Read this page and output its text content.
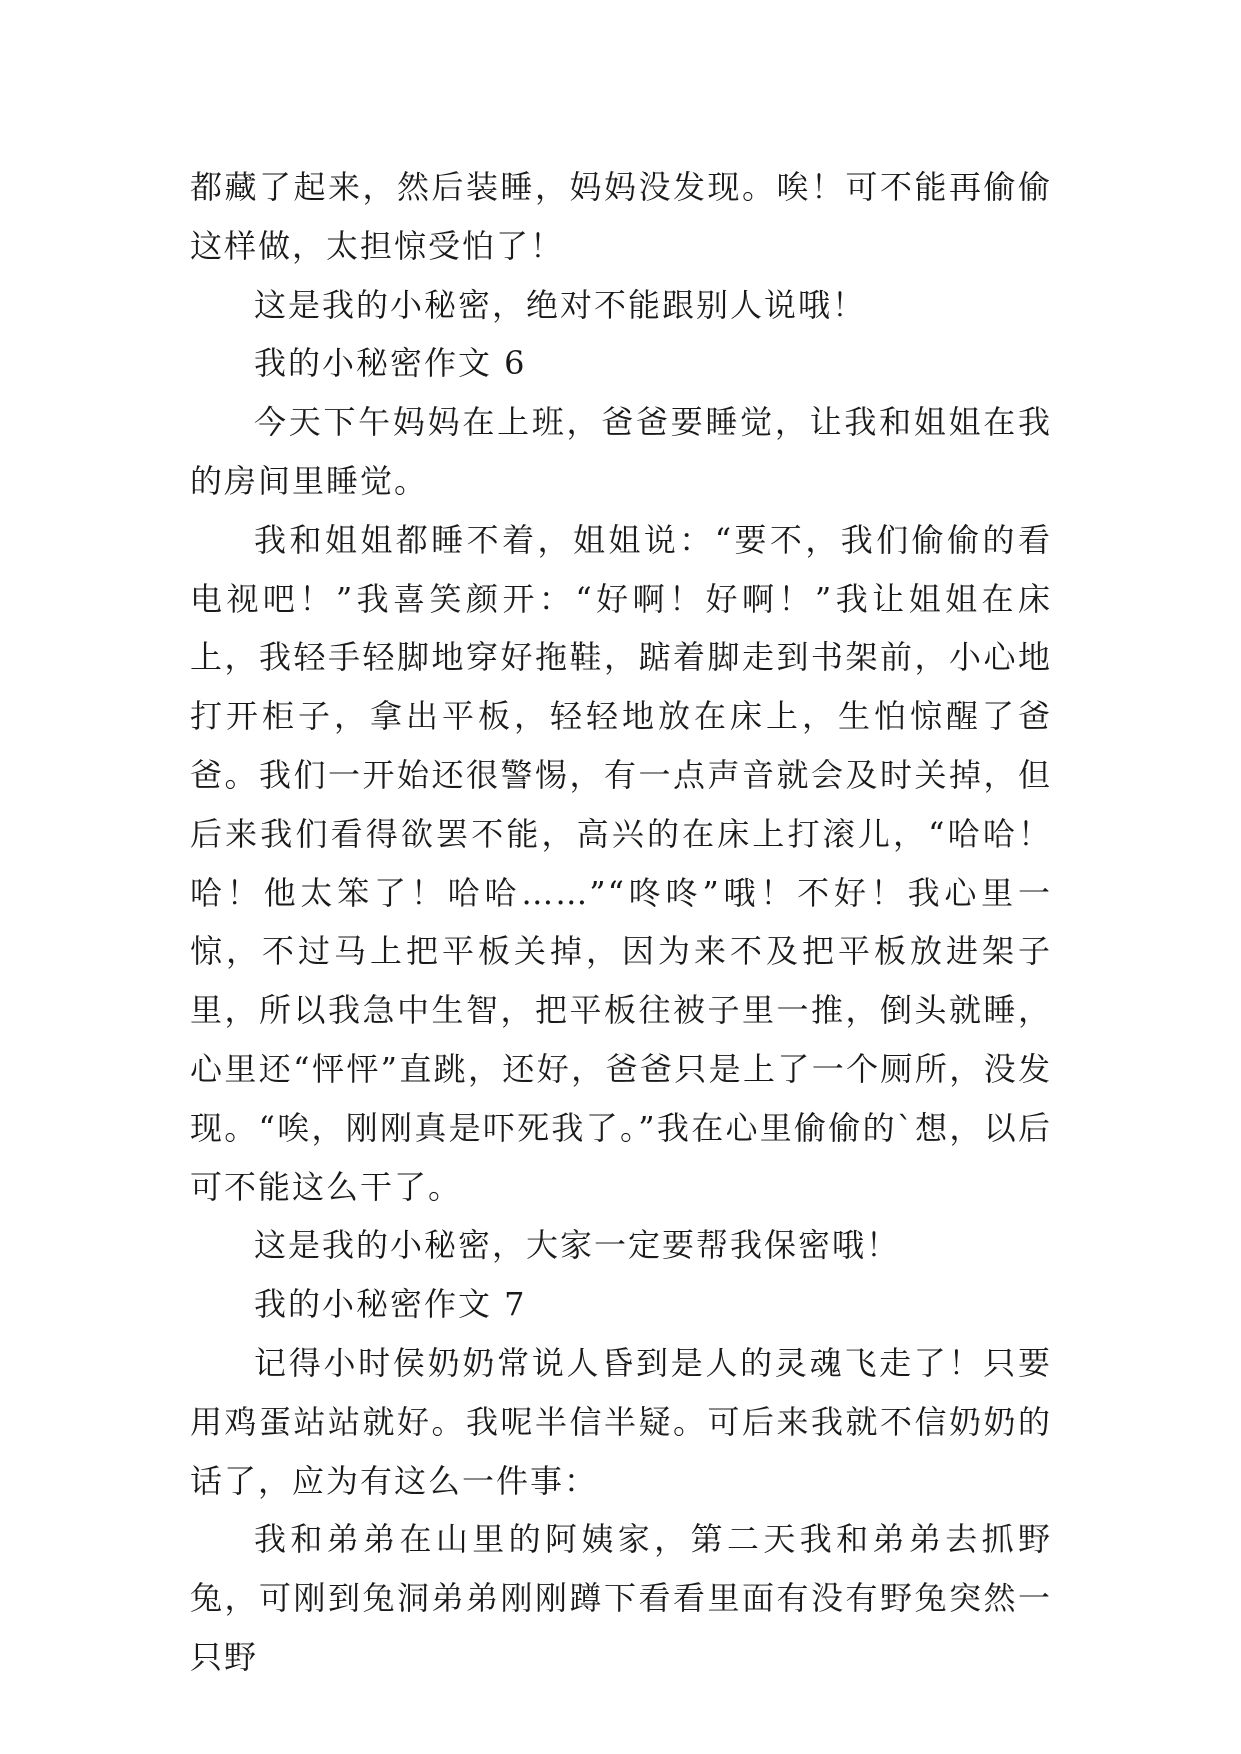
都藏了起来，然后装睡，妈妈没发现。唉！可不能再偷偷这样做，太担惊受怕了！

这是我的小秘密，绝对不能跟别人说哦！

我的小秘密作文 6

今天下午妈妈在上班，爸爸要睡觉，让我和姐姐在我的房间里睡觉。

我和姐姐都睡不着，姐姐说：“要不，我们偷偷的看电视吧！”我喜笑颜开：“好啊！好啊！”我让姐姐在床上，我轻手轻脚地穿好拖鞋，踮着脚走到书架前，小心地打开柜子，拿出平板，轻轻地放在床上，生怕惊醒了爸爸。我们一开始还很警惕，有一点声音就会及时关掉，但后来我们看得欲罢不能，高兴的在床上打滚儿，“哈哈！哈！他太笨了！哈哈……”“咚咚”哦！不好！我心里一惊，不过马上把平板关掉，因为来不及把平板放进架子里，所以我急中生智，把平板往被子里一推，倒头就睡，心里还“怦怦”直跳，还好，爸爸只是上了一个厕所，没发现。“唉，刚刚真是吓死我了。”我在心里偷偷的`想，以后可不能这么干了。

这是我的小秘密，大家一定要帮我保密哦！

我的小秘密作文 7

记得小时侯奶奶常说人昏到是人的灵魂飞走了！只要用鸡蛋站站就好。我呢半信半疑。可后来我就不信奶奶的话了，应为有这么一件事：

我和弟弟在山里的阿姨家，第二天我和弟弟去抓野兔，可刚到兔洞弟弟刚刚蹲下看看里面有没有野兔突然一只野
